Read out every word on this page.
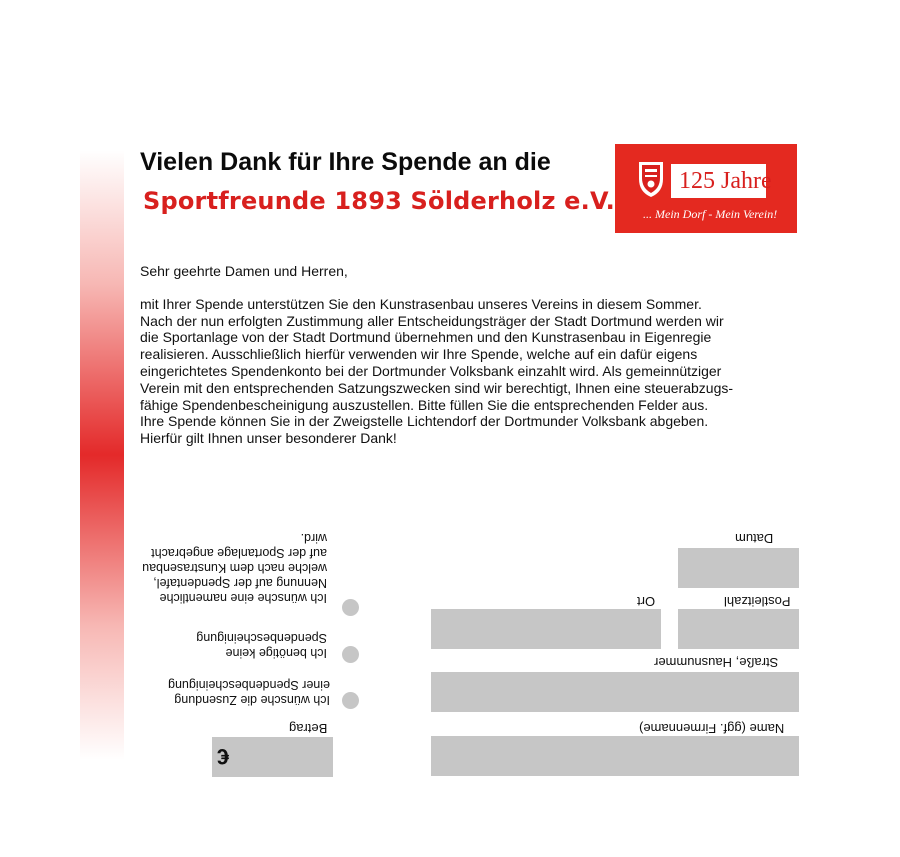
Vielen Dank für Ihre Spende an die
Sportfreunde 1893 Sölderholz e.V.
125 Jahre
... Mein Dorf - Mein Verein!

Sehr geehrte Damen und Herren,

mit Ihrer Spende unterstützen Sie den Kunstrasenbau unseres Vereins in diesem Sommer.
Nach der nun erfolgten Zustimmung aller Entscheidungsträger der Stadt Dortmund werden wir
die Sportanlage von der Stadt Dortmund übernehmen und den Kunstrasenbau in Eigenregie
realisieren. Ausschließlich hierfür verwenden wir Ihre Spende, welche auf ein dafür eigens
eingerichtetes Spendenkonto bei der Dortmunder Volksbank einzahlt wird. Als gemeinnütziger
Verein mit den entsprechenden Satzungszwecken sind wir berechtigt, Ihnen eine steuerabzugs-
fähige Spendenbescheinigung auszustellen. Bitte füllen Sie die entsprechenden Felder aus.
Ihre Spende können Sie in der Zweigstelle Lichtendorf der Dortmunder Volksbank abgeben.
Hierfür gilt Ihnen unser besonderer Dank!

Datum
Postleitzahl
Ort
Straße, Hausnummer
Name (ggf. Firmenname)
Ich wünsche eine namentliche
Nennung auf der Spendentafel,
welche nach dem Kunstrasenbau
auf der Sportanlage angebracht
wird.
Ich benötige keine
Spendenbescheinigung
Ich wünsche die Zusendung
einer Spendenbescheinigung
Betrag
€
